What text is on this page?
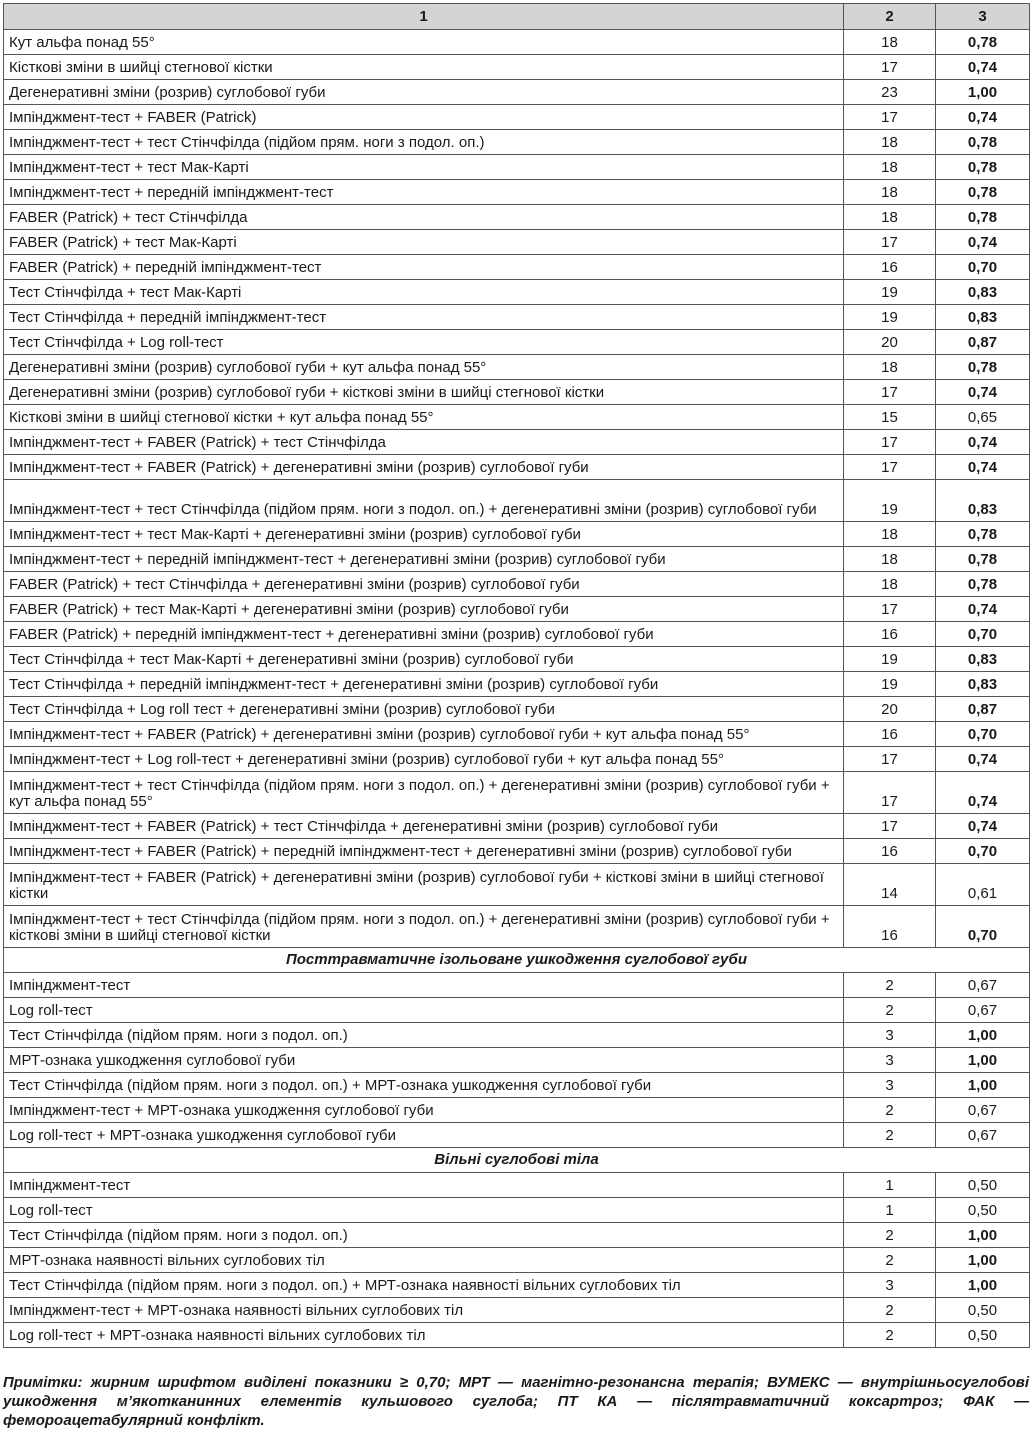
1	2	3
Кут альфа понад 55°	18	0,78
Кісткові зміни в шийці стегнової кістки	17	0,74
Дегенеративні зміни (розрив) суглобової губи	23	1,00
Імпінджмент-тест + FABER (Patrick)	17	0,74
Імпінджмент-тест + тест Стінчфілда (підйом прям. ноги з подол. оп.)	18	0,78
Імпінджмент-тест + тест Мак-Карті	18	0,78
Імпінджмент-тест + передній імпінджмент-тест	18	0,78
FABER (Patrick) + тест Стінчфілда	18	0,78
FABER (Patrick) + тест Мак-Карті	17	0,74
FABER (Patrick) + передній імпінджмент-тест	16	0,70
Тест Стінчфілда + тест Мак-Карті	19	0,83
Тест Стінчфілда + передній імпінджмент-тест	19	0,83
Тест Стінчфілда + Log roll-тест	20	0,87
Дегенеративні зміни (розрив) суглобової губи + кут альфа понад 55°	18	0,78
Дегенеративні зміни (розрив) суглобової губи + кісткові зміни в шийці стегнової кістки	17	0,74
Кісткові зміни в шийці стегнової кістки + кут альфа понад 55°	15	0,65
Імпінджмент-тест + FABER (Patrick) + тест Стінчфілда	17	0,74
Імпінджмент-тест + FABER (Patrick) + дегенеративні зміни (розрив) суглобової губи	17	0,74
Імпінджмент-тест + тест Стінчфілда (підйом прям. ноги з подол. оп.) + дегенеративні зміни (розрив) суглобової губи	19	0,83
Імпінджмент-тест + тест Мак-Карті + дегенеративні зміни (розрив) суглобової губи	18	0,78
Імпінджмент-тест + передній імпінджмент-тест + дегенеративні зміни (розрив) суглобової губи	18	0,78
FABER (Patrick) + тест Стінчфілда + дегенеративні зміни (розрив) суглобової губи	18	0,78
FABER (Patrick) + тест Мак-Карті + дегенеративні зміни (розрив) суглобової губи	17	0,74
FABER (Patrick) + передній імпінджмент-тест + дегенеративні зміни (розрив) суглобової губи	16	0,70
Тест Стінчфілда + тест Мак-Карті + дегенеративні зміни (розрив) суглобової губи	19	0,83
Тест Стінчфілда + передній імпінджмент-тест + дегенеративні зміни (розрив) суглобової губи	19	0,83
Тест Стінчфілда + Log roll тест + дегенеративні зміни (розрив) суглобової губи	20	0,87
Імпінджмент-тест + FABER (Patrick) + дегенеративні зміни (розрив) суглобової губи + кут альфа понад 55°	16	0,70
Імпінджмент-тест + Log roll-тест + дегенеративні зміни (розрив) суглобової губи + кут альфа понад 55°	17	0,74
Імпінджмент-тест + тест Стінчфілда (підйом прям. ноги з подол. оп.) + дегенеративні зміни (розрив) суглобової губи + кут альфа понад 55°	17	0,74
Імпінджмент-тест + FABER (Patrick) + тест Стінчфілда + дегенеративні зміни (розрив) суглобової губи	17	0,74
Імпінджмент-тест + FABER (Patrick) + передній імпінджмент-тест + дегенеративні зміни (розрив) суглобової губи	16	0,70
Імпінджмент-тест + FABER (Patrick) + дегенеративні зміни (розрив) суглобової губи + кісткові зміни в шийці стегнової кістки	14	0,61
Імпінджмент-тест + тест Стінчфілда (підйом прям. ноги з подол. оп.) + дегенеративні зміни (розрив) суглобової губи + кісткові зміни в шийці стегнової кістки	16	0,70
Посттравматичне ізольоване ушкодження суглобової губи		
Імпінджмент-тест	2	0,67
Log roll-тест	2	0,67
Тест Стінчфілда (підйом прям. ноги з подол. оп.)	3	1,00
МРТ-ознака ушкодження суглобової губи	3	1,00
Тест Стінчфілда (підйом прям. ноги з подол. оп.) + МРТ-ознака ушкодження суглобової губи	3	1,00
Імпінджмент-тест + МРТ-ознака ушкодження суглобової губи	2	0,67
Log roll-тест + МРТ-ознака ушкодження суглобової губи	2	0,67
Вільні суглобові тіла		
Імпінджмент-тест	1	0,50
Log roll-тест	1	0,50
Тест Стінчфілда (підйом прям. ноги з подол. оп.)	2	1,00
МРТ-ознака наявності вільних суглобових тіл	2	1,00
Тест Стінчфілда (підйом прям. ноги з подол. оп.) + МРТ-ознака наявності вільних суглобових тіл	3	1,00
Імпінджмент-тест + МРТ-ознака наявності вільних суглобових тіл	2	0,50
Log roll-тест + МРТ-ознака наявності вільних суглобових тіл	2	0,50
Примітки: жирним шрифтом виділені показники ≥ 0,70; МРТ — магнітно-резонансна терапія; ВУМЕКС — внутрішньосуглобові ушкодження м’якотканинних елементів кульшового суглоба; ПТ КА — післятравматичний коксартроз; ФАК — фемороацетабулярний конфлікт.
